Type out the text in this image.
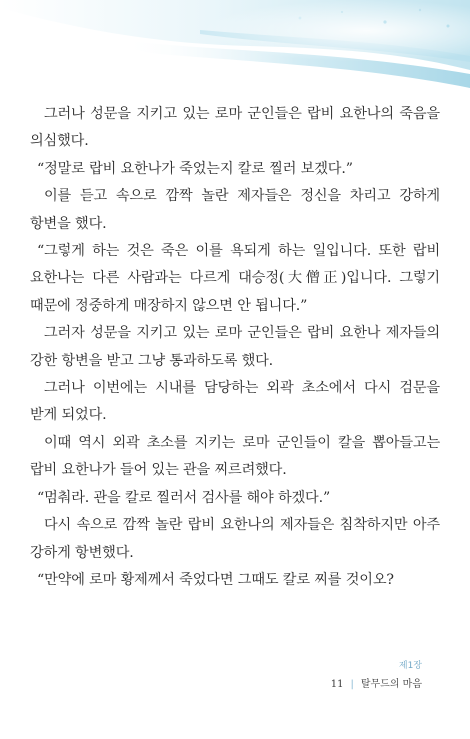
그러나 성문을 지키고 있는 로마 군인들은 랍비 요한나의 죽음을 의심했다.

“정말로 랍비 요한나가 죽었는지 칼로 찔러 보겠다.”

이를 듣고 속으로 깜짝 놀란 제자들은 정신을 차리고 강하게 항변을 했다.

“그렇게 하는 것은 죽은 이를 욕되게 하는 일입니다. 또한 랍비 요한나는 다른 사람과는 다르게 대승정(大僧正)입니다. 그렇기 때문에 정중하게 매장하지 않으면 안 됩니다.”

그러자 성문을 지키고 있는 로마 군인들은 랍비 요한나 제자들의 강한 항변을 받고 그냥 통과하도록 했다.

그러나 이번에는 시내를 담당하는 외곽 초소에서 다시 검문을 받게 되었다.

이때 역시 외곽 초소를 지키는 로마 군인들이 칼을 뽑아들고는 랍비 요한나가 들어 있는 관을 찌르려했다.

“멈춰라. 관을 칼로 찔러서 검사를 해야 하겠다.”

다시 속으로 깜짝 놀란 랍비 요한나의 제자들은 침착하지만 아주 강하게 항변했다.

“만약에 로마 황제께서 죽었다면 그때도 칼로 찌를 것이오?

제1장
11 | 탈무드의 마음
